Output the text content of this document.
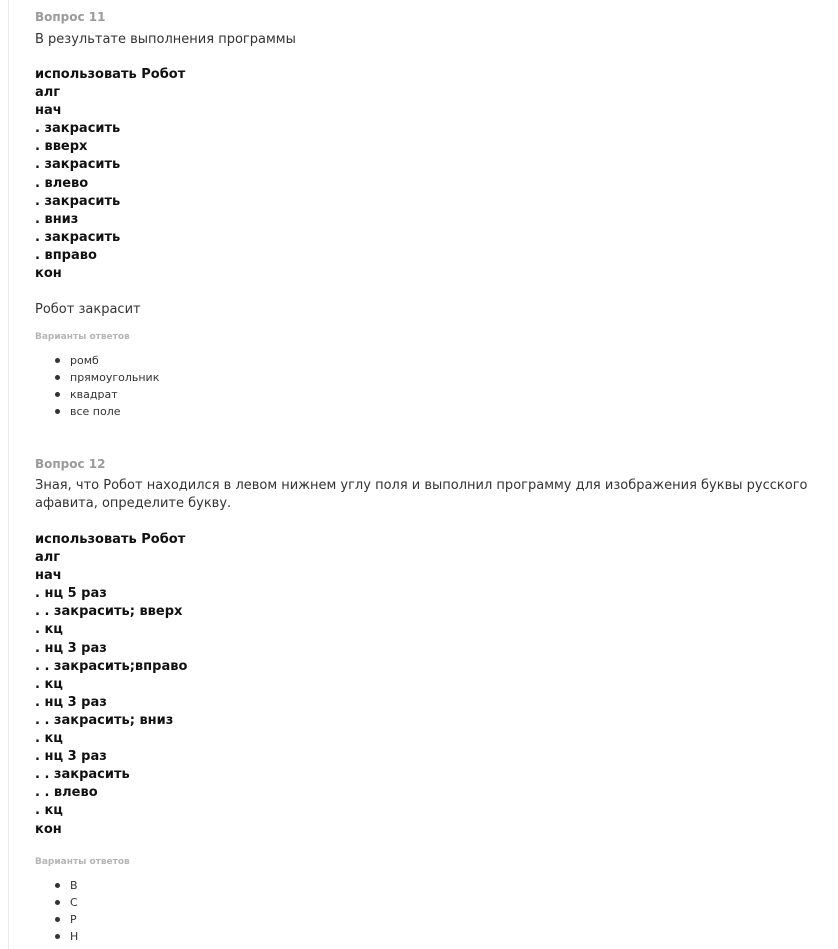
Вопрос 11
В результате выполнения программы
использовать Робот
алг
нач
. закрасить
. вверх
. закрасить
. влево
. закрасить
. вниз
. закрасить
. вправо
кон
Робот закрасит
Варианты ответов
ромб
прямоугольник
квадрат
все поле
Вопрос 12
Зная, что Робот находился в левом нижнем углу поля и выполнил программу для изображения буквы русского афавита, определите букву.
использовать Робот
алг
нач
. нц 5 раз
. . закрасить; вверх
. кц
. нц 3 раз
. . закрасить;вправо
. кц
. нц 3 раз
. . закрасить; вниз
. кц
. нц 3 раз
. . закрасить
. . влево
. кц
кон
Варианты ответов
В
С
Р
Н
